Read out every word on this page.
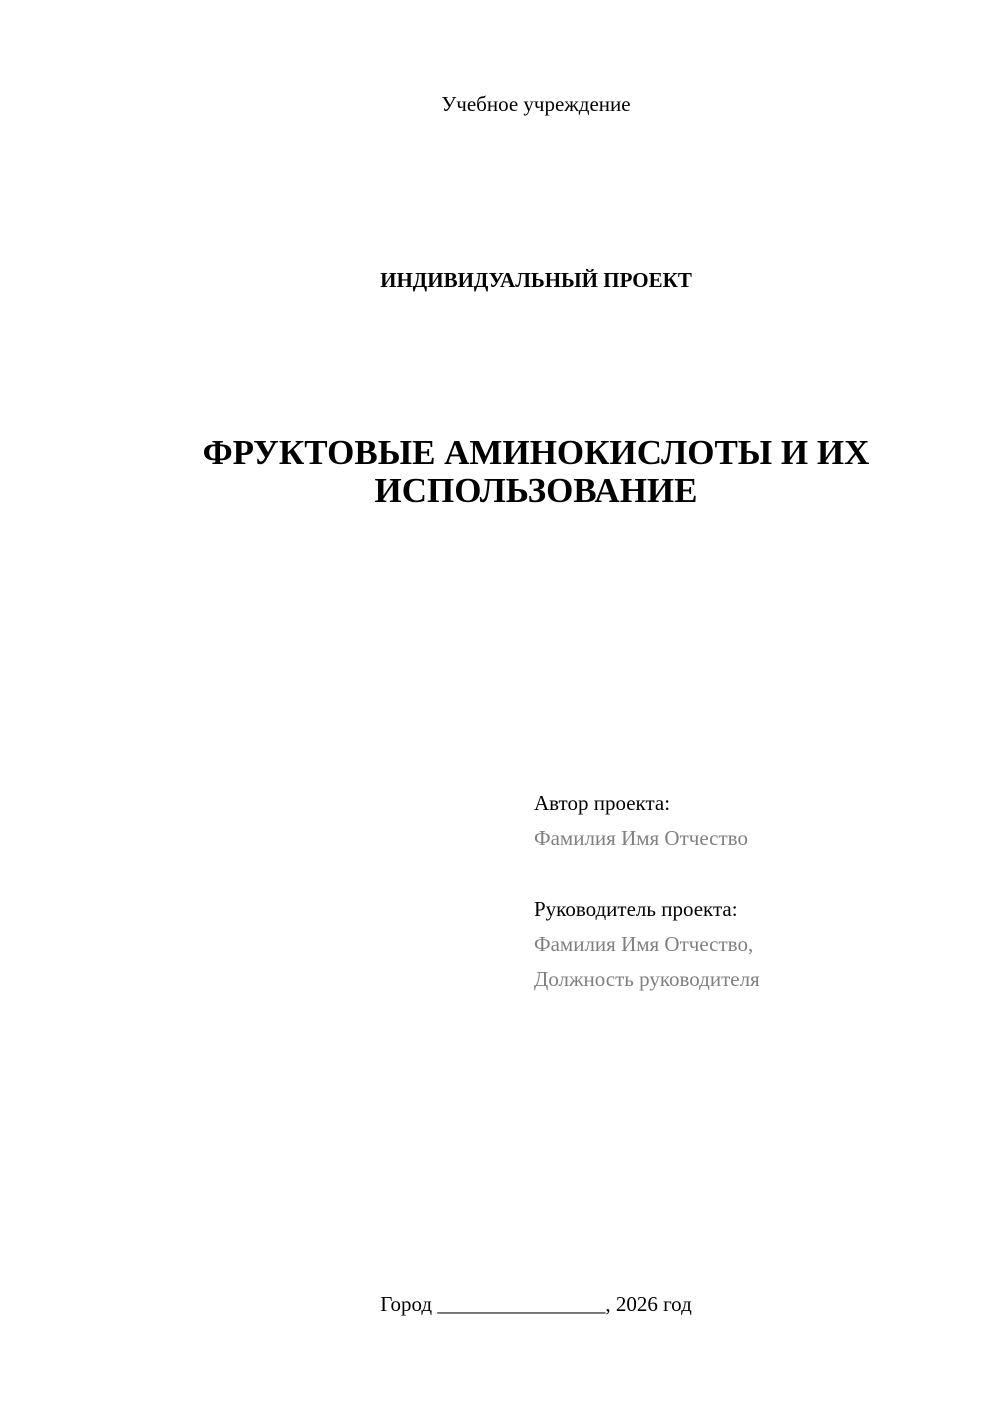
Учебное учреждение
ИНДИВИДУАЛЬНЫЙ ПРОЕКТ
ФРУКТОВЫЕ АМИНОКИСЛОТЫ И ИХ
ИСПОЛЬЗОВАНИЕ
Автор проекта:
Фамилия Имя Отчество
Руководитель проекта:
Фамилия Имя Отчество,
Должность руководителя
Город ________________, 2026 год
